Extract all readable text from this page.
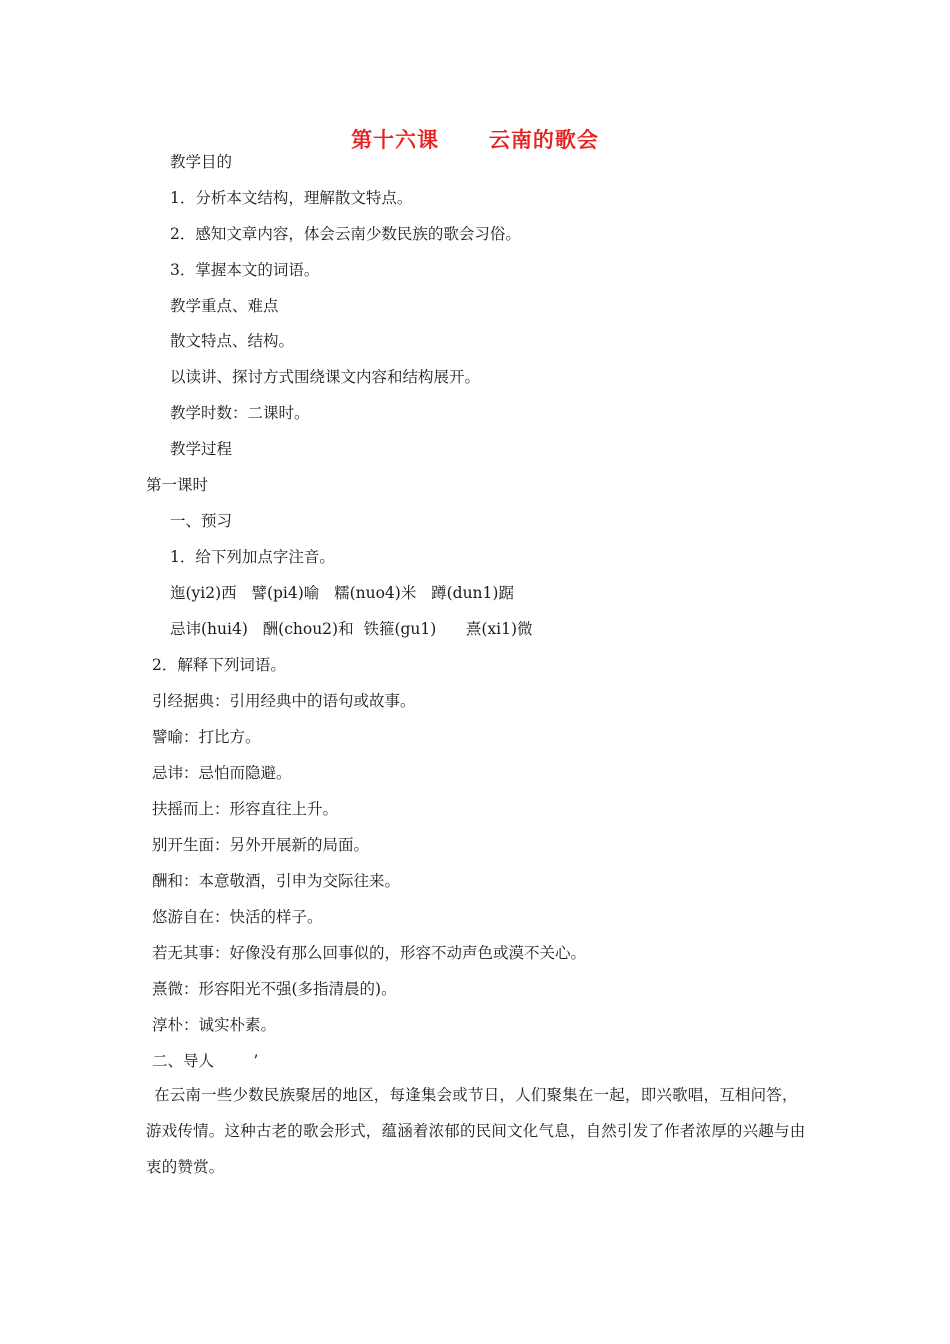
第十六课      云南的歌会
教学目的
1．分析本文结构，理解散文特点。
2．感知文章内容，体会云南少数民族的歌会习俗。
3．掌握本文的词语。
教学重点、难点
散文特点、结构。
以读讲、探讨方式围绕课文内容和结构展开。
教学时数：二课时。
教学过程
第一课时
一、预习
1．给下列加点字注音。
迤(yi2)西   譬(pi4)喻   糯(nuo4)米   蹲(dun1)踞
忌讳(hui4)   酬(chou2)和  铁箍(gu1)      熹(xi1)微
2．解释下列词语。
引经据典：引用经典中的语句或故事。
譬喻：打比方。
忌讳：忌怕而隐避。
扶摇而上：形容直往上升。
别开生面：另外开展新的局面。
酬和：本意敬酒，引申为交际往来。
悠游自在：快活的样子。
若无其事：好像没有那么回事似的，形容不动声色或漠不关心。
熹微：形容阳光不强(多指清晨的)。
淳朴：诚实朴素。
二、导人        ’
在云南一些少数民族聚居的地区，每逢集会或节日，人们聚集在一起，即兴歌唱，互相问答，游戏传情。这种古老的歌会形式，蕴涵着浓郁的民间文化气息，自然引发了作者浓厚的兴趣与由衷的赞赏。
